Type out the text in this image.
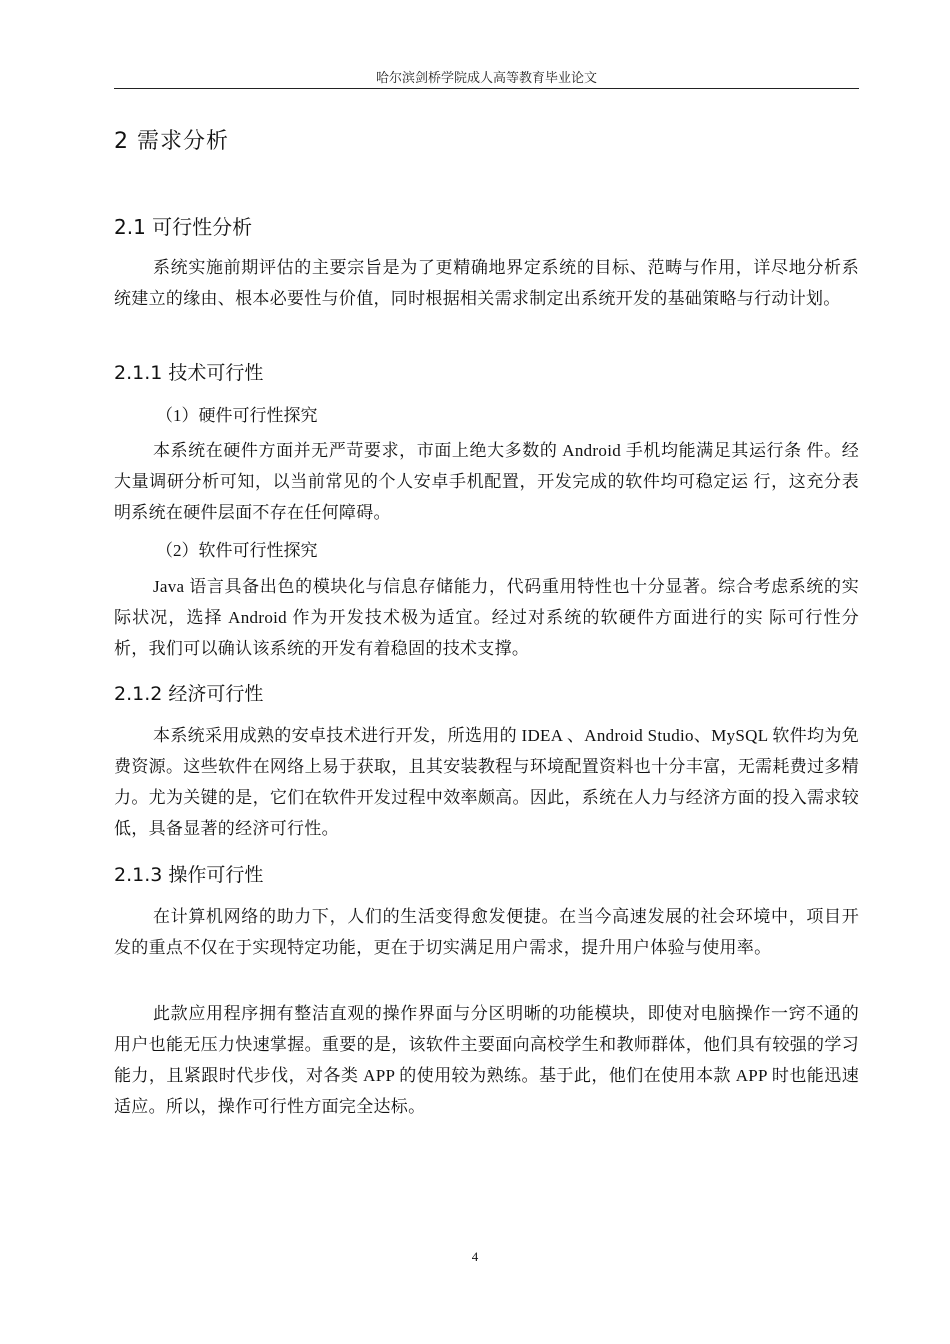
哈尔滨剑桥学院成人高等教育毕业论文
2 需求分析
2.1 可行性分析
系统实施前期评估的主要宗旨是为了更精确地界定系统的目标、范畴与作用，详尽地分析系统建立的缘由、根本必要性与价值，同时根据相关需求制定出系统开发的基础策略与行动计划。
2.1.1 技术可行性
（1）硬件可行性探究
本系统在硬件方面并无严苛要求，市面上绝大多数的 Android 手机均能满足其运行条 件。经大量调研分析可知，以当前常见的个人安卓手机配置，开发完成的软件均可稳定运 行，这充分表明系统在硬件层面不存在任何障碍。
（2）软件可行性探究
Java 语言具备出色的模块化与信息存储能力，代码重用特性也十分显著。综合考虑系统的实际状况，选择 Android 作为开发技术极为适宜。经过对系统的软硬件方面进行的实 际可行性分析，我们可以确认该系统的开发有着稳固的技术支撑。
2.1.2 经济可行性
本系统采用成熟的安卓技术进行开发，所选用的 IDEA 、Android Studio、MySQL 软件均为免费资源。这些软件在网络上易于获取，且其安装教程与环境配置资料也十分丰富，无需耗费过多精力。尤为关键的是，它们在软件开发过程中效率颇高。因此，系统在人力与经济方面的投入需求较低，具备显著的经济可行性。
2.1.3 操作可行性
在计算机网络的助力下，人们的生活变得愈发便捷。在当今高速发展的社会环境中，项目开发的重点不仅在于实现特定功能，更在于切实满足用户需求，提升用户体验与使用率。
此款应用程序拥有整洁直观的操作界面与分区明晰的功能模块，即使对电脑操作一窍不通的用户也能无压力快速掌握。重要的是，该软件主要面向高校学生和教师群体，他们具有较强的学习能力，且紧跟时代步伐，对各类 APP 的使用较为熟练。基于此，他们在使用本款 APP 时也能迅速适应。所以，操作可行性方面完全达标。
4
